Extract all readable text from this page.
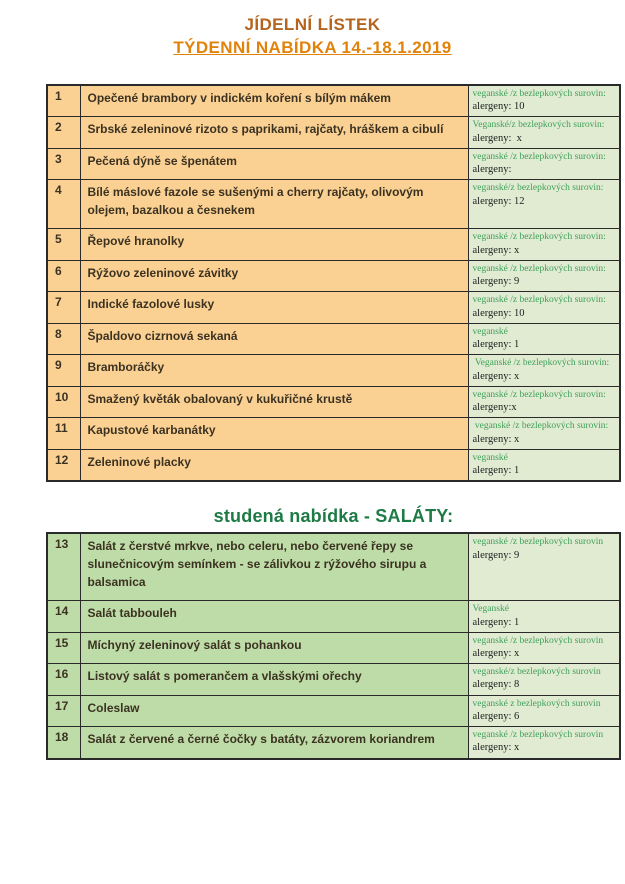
JÍDELNÍ LÍSTEK
TÝDENNÍ NABÍDKA 14.-18.1.2019
1	Opečené brambory v indickém koření s bílým mákem	veganské /z bezlepkových surovin:
alergeny: 10

2	Srbské zeleninové rizoto s paprikami, rajčaty, hráškem a cibulí	Veganské/z bezlepkových surovin:
alergeny:  x

3	Pečená dýně se špenátem	veganské /z bezlepkových surovin:
alergeny:

4	Bílé máslové fazole se sušenými a cherry rajčaty, olivovým olejem, bazalkou a česnekem	veganské/z bezlepkových surovin:
alergeny: 12

5	Řepové hranolky	veganské /z bezlepkových surovin:
alergeny: x

6	Rýžovo zeleninové závitky	veganské /z bezlepkových surovin:
alergeny: 9

7	Indické fazolové lusky	veganské /z bezlepkových surovin:
alergeny: 10

8	Špaldovo cizrnová sekaná	veganské
alergeny: 1

9	Bramboráčky	Veganské /z bezlepkových surovin:
alergeny: x

10	Smažený květák obalovaný v kukuřičné krustě	veganské /z bezlepkových surovin:
alergeny:x

11	Kapustové karbanátky	veganské /z bezlepkových surovin:
alergeny: x

12	Zeleninové placky	veganské
alergeny: 1
studená nabídka - SALÁTY:
13	Salát z čerstvé mrkve, nebo celeru, nebo červené řepy se slunečnicovým semínkem - se zálivkou z rýžového sirupu a balsamica	veganské /z bezlepkových surovin
alergeny: 9

14	Salát tabbouleh	Veganské
alergeny: 1

15	Míchyný zeleninový salát s pohankou	veganské /z bezlepkových surovin
alergeny: x

16	Listový salát s pomerančem a vlašskými ořechy	veganské/z bezlepkových surovin
alergeny: 8

17	Coleslaw	veganské z bezlepkových surovin
alergeny: 6

18	Salát z červené a černé čočky s batáty, zázvorem koriandrem	veganské /z bezlepkových surovin
alergeny: x
